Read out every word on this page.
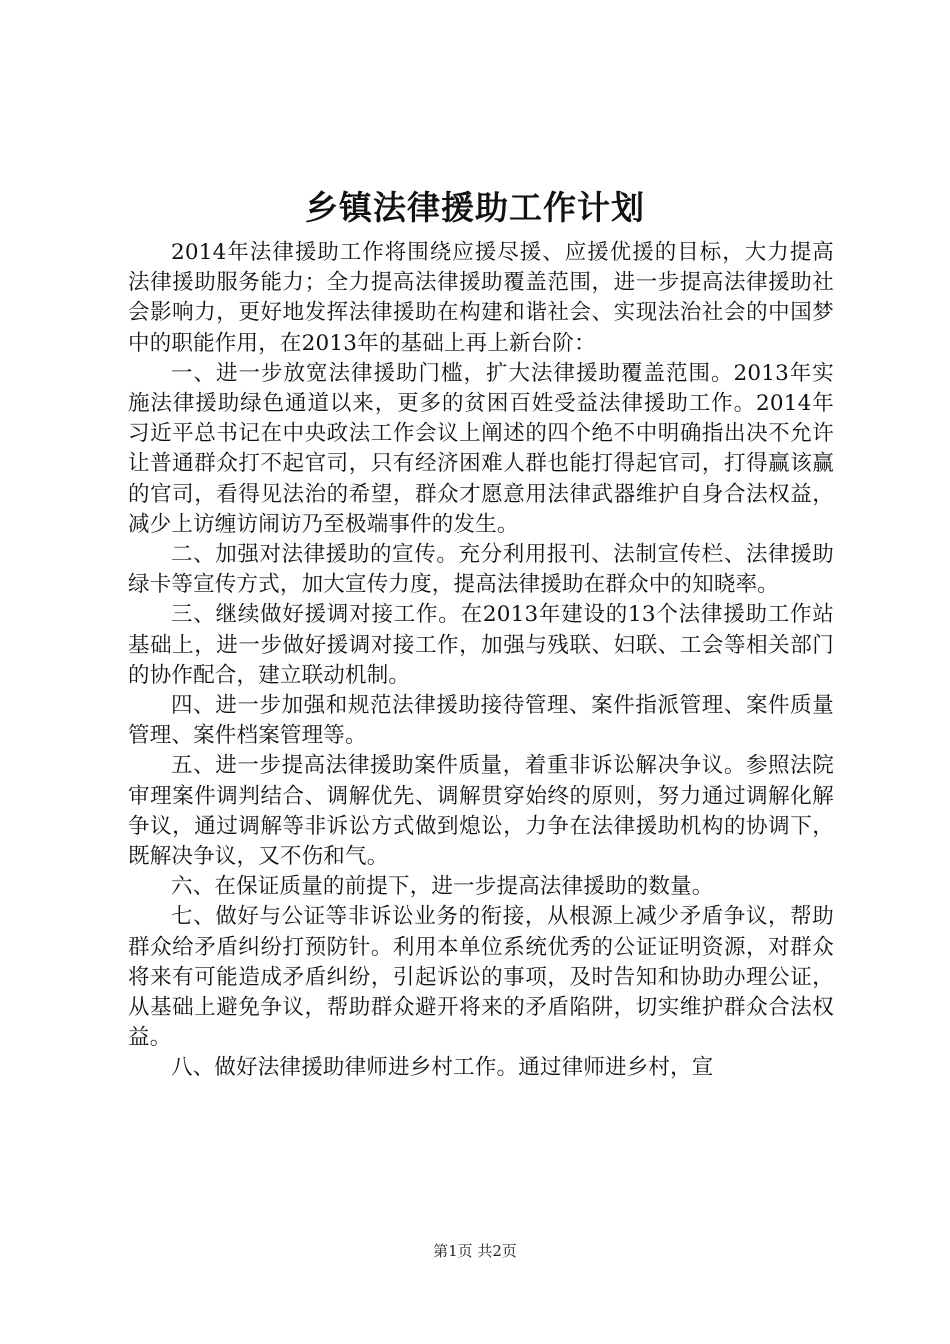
乡镇法律援助工作计划

2014年法律援助工作将围绕应援尽援、应援优援的目标，大力提高法律援助服务能力；全力提高法律援助覆盖范围，进一步提高法律援助社会影响力，更好地发挥法律援助在构建和谐社会、实现法治社会的中国梦中的职能作用，在2013年的基础上再上新台阶：

一、进一步放宽法律援助门槛，扩大法律援助覆盖范围。2013年实施法律援助绿色通道以来，更多的贫困百姓受益法律援助工作。2014年习近平总书记在中央政法工作会议上阐述的四个绝不中明确指出决不允许让普通群众打不起官司，只有经济困难人群也能打得起官司，打得赢该赢的官司，看得见法治的希望，群众才愿意用法律武器维护自身合法权益，减少上访缠访闹访乃至极端事件的发生。

二、加强对法律援助的宣传。充分利用报刊、法制宣传栏、法律援助绿卡等宣传方式，加大宣传力度，提高法律援助在群众中的知晓率。

三、继续做好援调对接工作。在2013年建设的13个法律援助工作站基础上，进一步做好援调对接工作，加强与残联、妇联、工会等相关部门的协作配合，建立联动机制。

四、进一步加强和规范法律援助接待管理、案件指派管理、案件质量管理、案件档案管理等。

五、进一步提高法律援助案件质量，着重非诉讼解决争议。参照法院审理案件调判结合、调解优先、调解贯穿始终的原则，努力通过调解化解争议，通过调解等非诉讼方式做到熄讼，力争在法律援助机构的协调下，既解决争议，又不伤和气。

六、在保证质量的前提下，进一步提高法律援助的数量。

七、做好与公证等非诉讼业务的衔接，从根源上减少矛盾争议，帮助群众给矛盾纠纷打预防针。利用本单位系统优秀的公证证明资源，对群众将来有可能造成矛盾纠纷，引起诉讼的事项，及时告知和协助办理公证，从基础上避免争议，帮助群众避开将来的矛盾陷阱，切实维护群众合法权益。

八、做好法律援助律师进乡村工作。通过律师进乡村，宣

第1页 共2页
